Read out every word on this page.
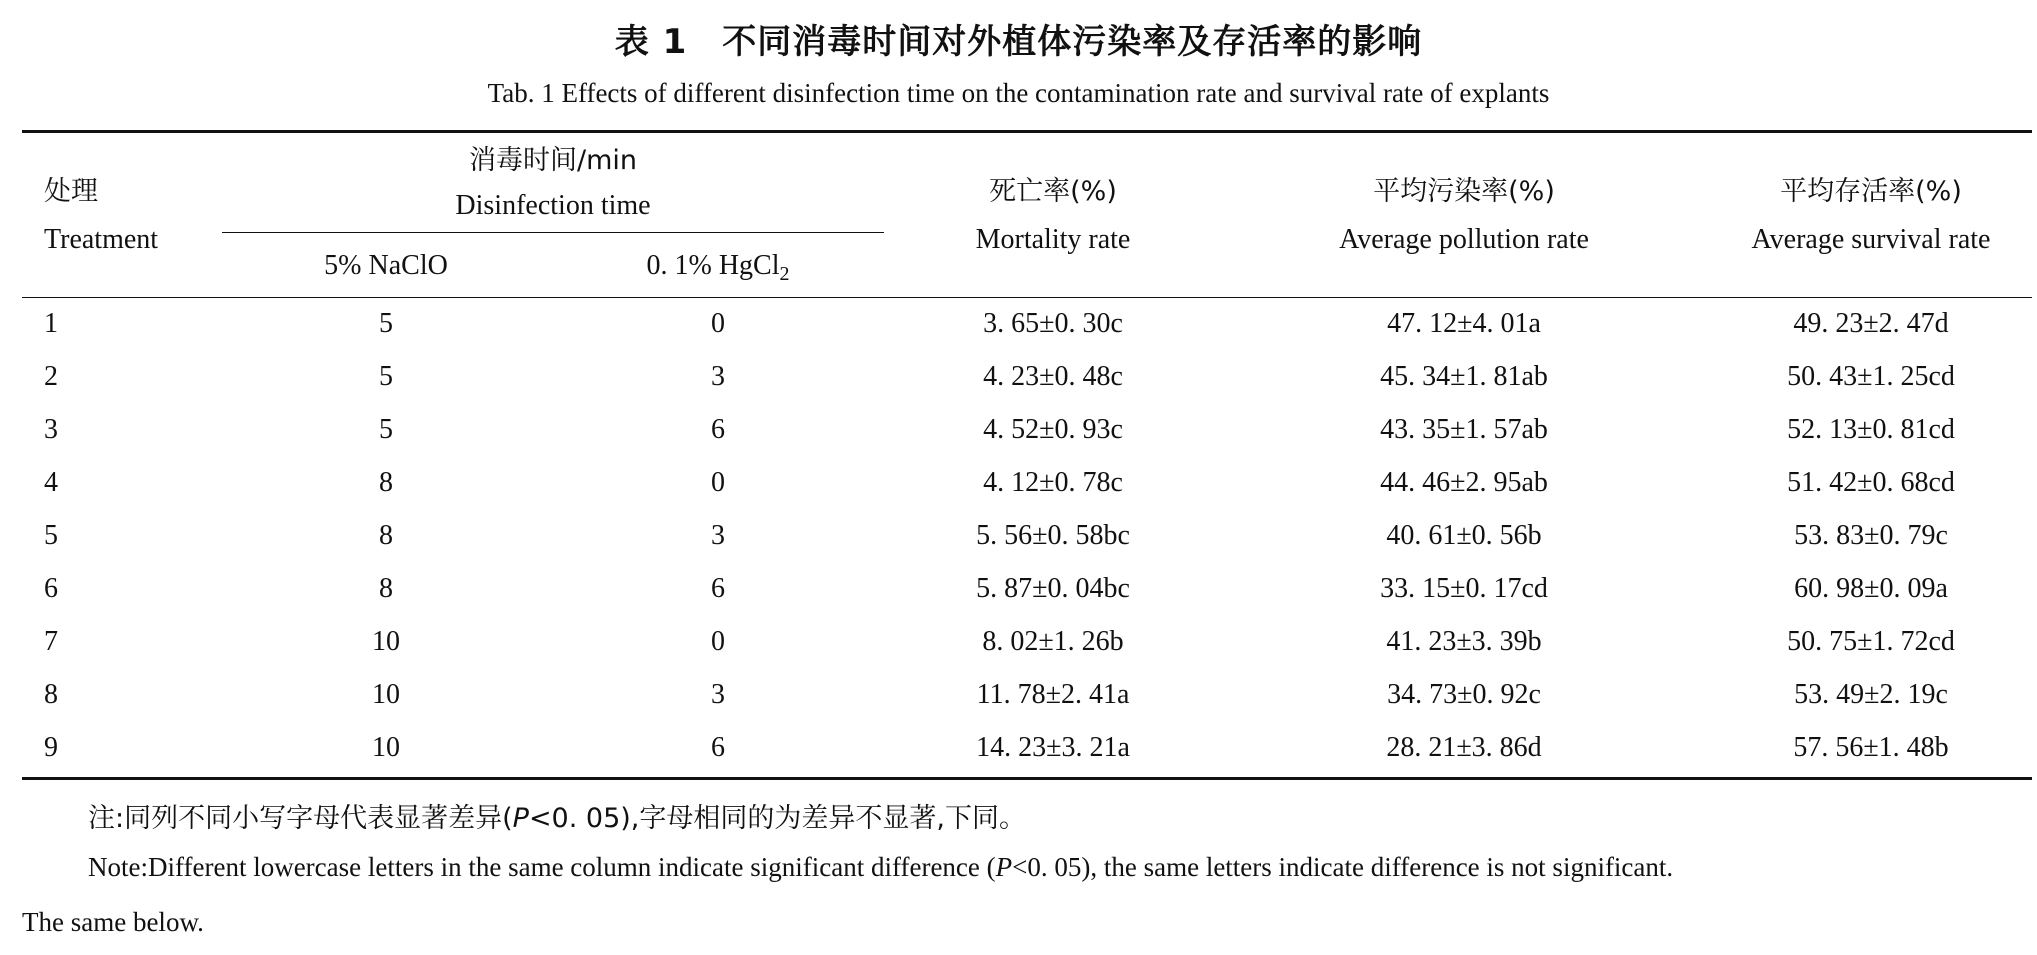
表 1　不同消毒时间对外植体污染率及存活率的影响
Tab. 1 Effects of different disinfection time on the contamination rate and survival rate of explants
处理
Treatment
消毒时间/min
Disinfection time
5% NaClO	0. 1% HgCl$_2$
死亡率(%)
Mortality rate
平均污染率(%)
Average pollution rate
平均存活率(%)
Average survival rate
1	5	0	3. 65±0. 30c	47. 12±4. 01a	49. 23±2. 47d
2	5	3	4. 23±0. 48c	45. 34±1. 81ab	50. 43±1. 25cd
3	5	6	4. 52±0. 93c	43. 35±1. 57ab	52. 13±0. 81cd
4	8	0	4. 12±0. 78c	44. 46±2. 95ab	51. 42±0. 68cd
5	8	3	5. 56±0. 58bc	40. 61±0. 56b	53. 83±0. 79c
6	8	6	5. 87±0. 04bc	33. 15±0. 17cd	60. 98±0. 09a
7	10	0	8. 02±1. 26b	41. 23±3. 39b	50. 75±1. 72cd
8	10	3	11. 78±2. 41a	34. 73±0. 92c	53. 49±2. 19c
9	10	6	14. 23±3. 21a	28. 21±3. 86d	57. 56±1. 48b
注:同列不同小写字母代表显著差异(P<0. 05),字母相同的为差异不显著,下同。
Note:Different lowercase letters in the same column indicate significant difference (P<0. 05), the same letters indicate difference is not significant.
The same below.
